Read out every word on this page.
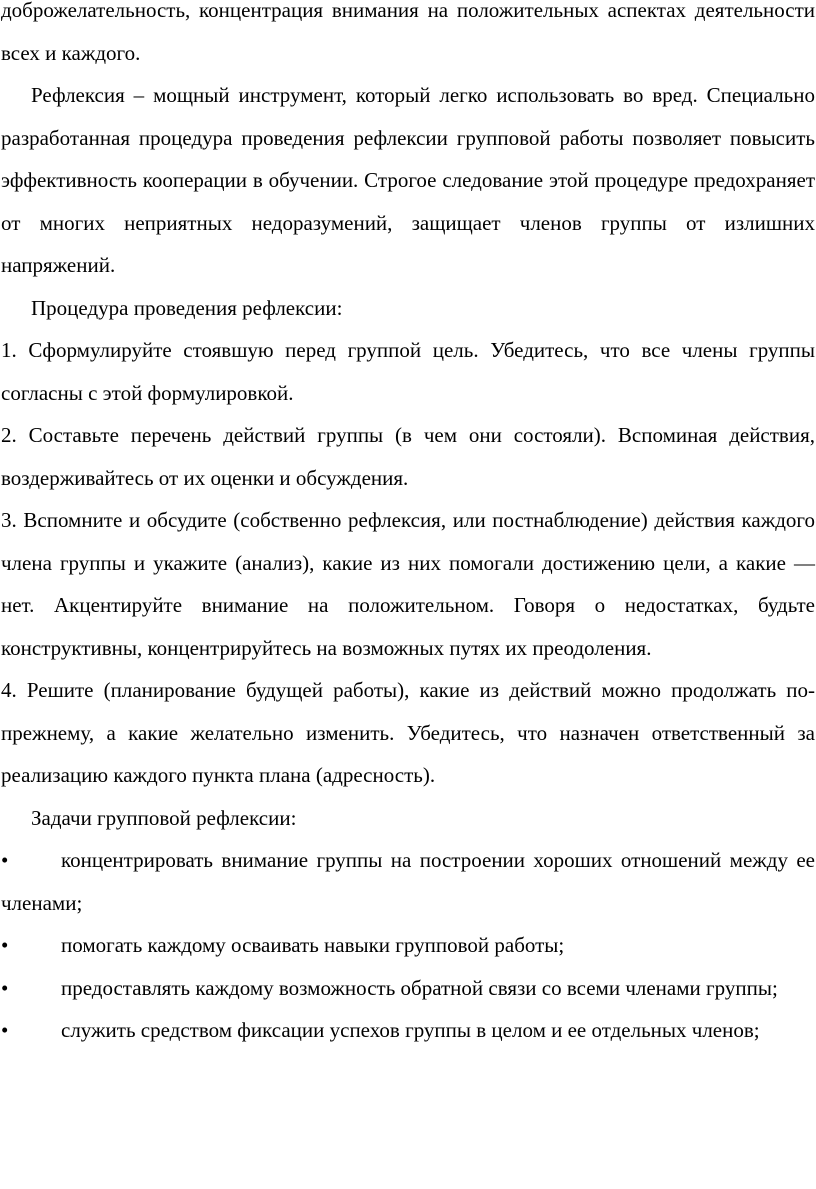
доброжелательность, концентрация внимания на положительных аспектах деятельности всех и каждого.

Рефлексия – мощный инструмент, который легко использовать во вред. Специально разработанная процедура проведения рефлексии групповой работы позволяет повысить эффективность кооперации в обучении. Строгое следование этой процедуре предохраняет от многих неприятных недоразумений, защищает членов группы от излишних напряжений.

Процедура проведения рефлексии:

1. Сформулируйте стоявшую перед группой цель. Убедитесь, что все члены группы согласны с этой формулировкой.

2. Составьте перечень действий группы (в чем они состояли). Вспоминая действия, воздерживайтесь от их оценки и обсуждения.

3. Вспомните и обсудите (собственно рефлексия, или постнаблюдение) действия каждого члена группы и укажите (анализ), какие из них помогали достижению цели, а какие — нет. Акцентируйте внимание на положительном. Говоря о недостатках, будьте конструктивны, концентрируйтесь на возможных путях их преодоления.

4. Решите (планирование будущей работы), какие из действий можно продолжать по-прежнему, а какие желательно изменить. Убедитесь, что назначен ответственный за реализацию каждого пункта плана (адресность).

Задачи групповой рефлексии:

•	концентрировать внимание группы на построении хороших отношений между ее членами;

•	помогать каждому осваивать навыки групповой работы;

•	предоставлять каждому возможность обратной связи со всеми членами группы;

•	служить средством фиксации успехов группы в целом и ее отдельных членов;
